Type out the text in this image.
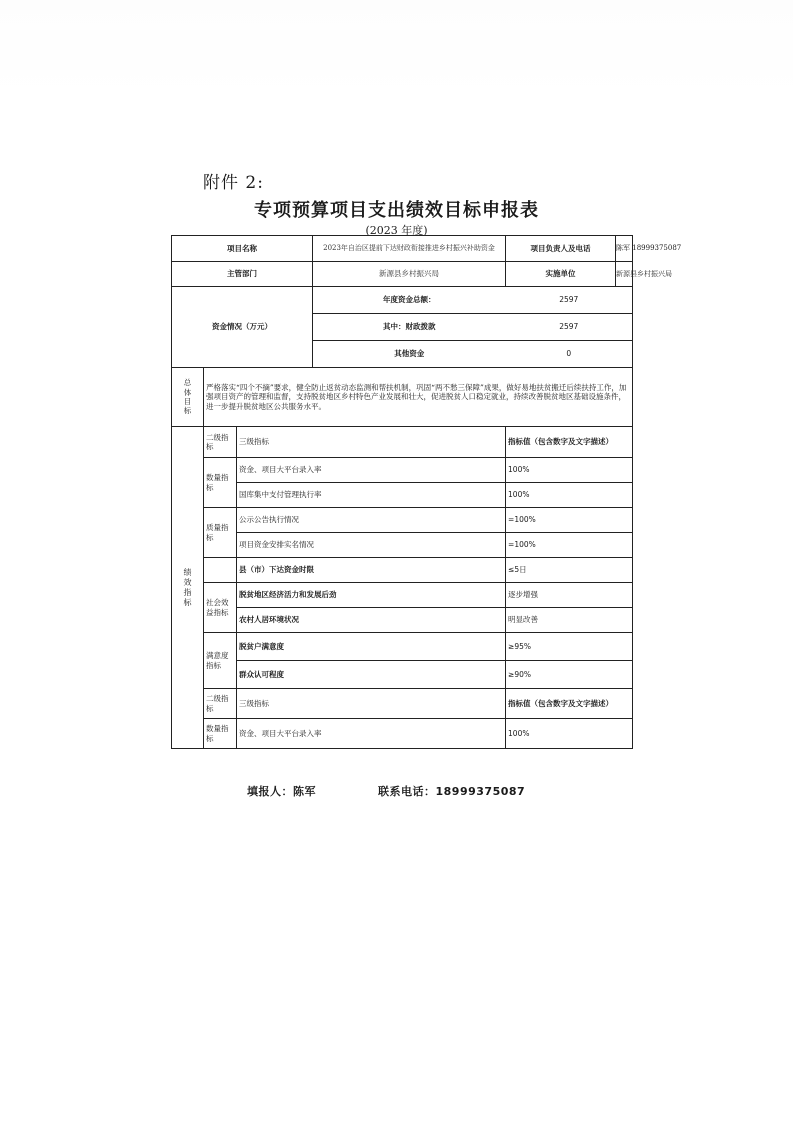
附件 2:
专项预算项目支出绩效目标申报表
(2023 年度)
项目名称			2023年自治区提前下达财政衔接推进乡村振兴补助资金	项目负责人及电话	陈军 18999375087
主管部门			新源县乡村振兴局	实施单位	新源县乡村振兴局
资金情况（万元）			年度资金总额：	2597	
			其中：财政拨款	2597	
			其他资金	0	
总体目标	严格落实“四个不摘”要求，健全防止返贫动态监测和帮扶机制，巩固“两不愁三保障”成果，做好易地扶贫搬迁后续扶持工作，加强项目资产的管理和监督，支持脱贫地区乡村特色产业发展和壮大，促进脱贫人口稳定就业，持续改善脱贫地区基础设施条件，进一步提升脱贫地区公共服务水平。				
绩效指标	二级指标	三级指标		指标值（包含数字及文字描述）	
	数量指标	资金、项目大平台录入率		100%	
		国库集中支付管理执行率		100%	
	质量指标	公示公告执行情况		=100%	
		项目资金安排实名情况		=100%	
		县（市）下达资金时限		≤5日	
	社会效益指标	脱贫地区经济活力和发展后劲		逐步增强	
		农村人居环境状况		明显改善	
	满意度指标	脱贫户满意度		≥95%	
		群众认可程度		≥90%	
	二级指标	三级指标		指标值（包含数字及文字描述）	
	数量指标	资金、项目大平台录入率		100%	
填报人：陈军	联系电话：18999375087
